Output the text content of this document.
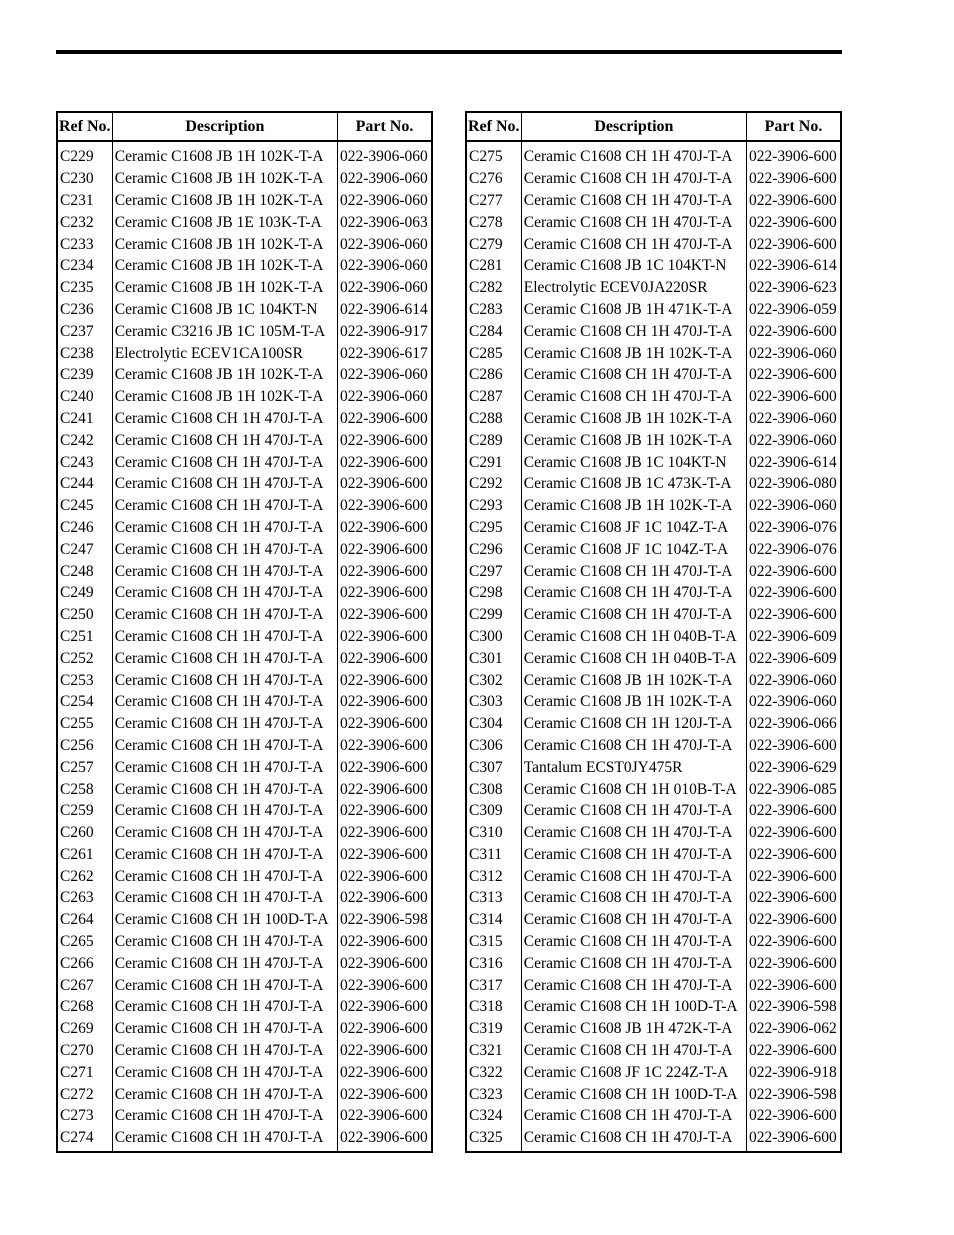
Ref No.	Description	Part No.
C229	Ceramic C1608 JB 1H 102K-T-A	022-3906-060
C230	Ceramic C1608 JB 1H 102K-T-A	022-3906-060
C231	Ceramic C1608 JB 1H 102K-T-A	022-3906-060
C232	Ceramic C1608 JB 1E 103K-T-A	022-3906-063
C233	Ceramic C1608 JB 1H 102K-T-A	022-3906-060
C234	Ceramic C1608 JB 1H 102K-T-A	022-3906-060
C235	Ceramic C1608 JB 1H 102K-T-A	022-3906-060
C236	Ceramic C1608 JB 1C 104KT-N	022-3906-614
C237	Ceramic C3216 JB 1C 105M-T-A	022-3906-917
C238	Electrolytic ECEV1CA100SR	022-3906-617
C239	Ceramic C1608 JB 1H 102K-T-A	022-3906-060
C240	Ceramic C1608 JB 1H 102K-T-A	022-3906-060
C241	Ceramic C1608 CH 1H 470J-T-A	022-3906-600
C242	Ceramic C1608 CH 1H 470J-T-A	022-3906-600
C243	Ceramic C1608 CH 1H 470J-T-A	022-3906-600
C244	Ceramic C1608 CH 1H 470J-T-A	022-3906-600
C245	Ceramic C1608 CH 1H 470J-T-A	022-3906-600
C246	Ceramic C1608 CH 1H 470J-T-A	022-3906-600
C247	Ceramic C1608 CH 1H 470J-T-A	022-3906-600
C248	Ceramic C1608 CH 1H 470J-T-A	022-3906-600
C249	Ceramic C1608 CH 1H 470J-T-A	022-3906-600
C250	Ceramic C1608 CH 1H 470J-T-A	022-3906-600
C251	Ceramic C1608 CH 1H 470J-T-A	022-3906-600
C252	Ceramic C1608 CH 1H 470J-T-A	022-3906-600
C253	Ceramic C1608 CH 1H 470J-T-A	022-3906-600
C254	Ceramic C1608 CH 1H 470J-T-A	022-3906-600
C255	Ceramic C1608 CH 1H 470J-T-A	022-3906-600
C256	Ceramic C1608 CH 1H 470J-T-A	022-3906-600
C257	Ceramic C1608 CH 1H 470J-T-A	022-3906-600
C258	Ceramic C1608 CH 1H 470J-T-A	022-3906-600
C259	Ceramic C1608 CH 1H 470J-T-A	022-3906-600
C260	Ceramic C1608 CH 1H 470J-T-A	022-3906-600
C261	Ceramic C1608 CH 1H 470J-T-A	022-3906-600
C262	Ceramic C1608 CH 1H 470J-T-A	022-3906-600
C263	Ceramic C1608 CH 1H 470J-T-A	022-3906-600
C264	Ceramic C1608 CH 1H 100D-T-A	022-3906-598
C265	Ceramic C1608 CH 1H 470J-T-A	022-3906-600
C266	Ceramic C1608 CH 1H 470J-T-A	022-3906-600
C267	Ceramic C1608 CH 1H 470J-T-A	022-3906-600
C268	Ceramic C1608 CH 1H 470J-T-A	022-3906-600
C269	Ceramic C1608 CH 1H 470J-T-A	022-3906-600
C270	Ceramic C1608 CH 1H 470J-T-A	022-3906-600
C271	Ceramic C1608 CH 1H 470J-T-A	022-3906-600
C272	Ceramic C1608 CH 1H 470J-T-A	022-3906-600
C273	Ceramic C1608 CH 1H 470J-T-A	022-3906-600
C274	Ceramic C1608 CH 1H 470J-T-A	022-3906-600
Ref No.	Description	Part No.
C275	Ceramic C1608 CH 1H 470J-T-A	022-3906-600
C276	Ceramic C1608 CH 1H 470J-T-A	022-3906-600
C277	Ceramic C1608 CH 1H 470J-T-A	022-3906-600
C278	Ceramic C1608 CH 1H 470J-T-A	022-3906-600
C279	Ceramic C1608 CH 1H 470J-T-A	022-3906-600
C281	Ceramic C1608 JB 1C 104KT-N	022-3906-614
C282	Electrolytic ECEV0JA220SR	022-3906-623
C283	Ceramic C1608 JB 1H 471K-T-A	022-3906-059
C284	Ceramic C1608 CH 1H 470J-T-A	022-3906-600
C285	Ceramic C1608 JB 1H 102K-T-A	022-3906-060
C286	Ceramic C1608 CH 1H 470J-T-A	022-3906-600
C287	Ceramic C1608 CH 1H 470J-T-A	022-3906-600
C288	Ceramic C1608 JB 1H 102K-T-A	022-3906-060
C289	Ceramic C1608 JB 1H 102K-T-A	022-3906-060
C291	Ceramic C1608 JB 1C 104KT-N	022-3906-614
C292	Ceramic C1608 JB 1C 473K-T-A	022-3906-080
C293	Ceramic C1608 JB 1H 102K-T-A	022-3906-060
C295	Ceramic C1608 JF 1C 104Z-T-A	022-3906-076
C296	Ceramic C1608 JF 1C 104Z-T-A	022-3906-076
C297	Ceramic C1608 CH 1H 470J-T-A	022-3906-600
C298	Ceramic C1608 CH 1H 470J-T-A	022-3906-600
C299	Ceramic C1608 CH 1H 470J-T-A	022-3906-600
C300	Ceramic C1608 CH 1H 040B-T-A	022-3906-609
C301	Ceramic C1608 CH 1H 040B-T-A	022-3906-609
C302	Ceramic C1608 JB 1H 102K-T-A	022-3906-060
C303	Ceramic C1608 JB 1H 102K-T-A	022-3906-060
C304	Ceramic C1608 CH 1H 120J-T-A	022-3906-066
C306	Ceramic C1608 CH 1H 470J-T-A	022-3906-600
C307	Tantalum ECST0JY475R	022-3906-629
C308	Ceramic C1608 CH 1H 010B-T-A	022-3906-085
C309	Ceramic C1608 CH 1H 470J-T-A	022-3906-600
C310	Ceramic C1608 CH 1H 470J-T-A	022-3906-600
C311	Ceramic C1608 CH 1H 470J-T-A	022-3906-600
C312	Ceramic C1608 CH 1H 470J-T-A	022-3906-600
C313	Ceramic C1608 CH 1H 470J-T-A	022-3906-600
C314	Ceramic C1608 CH 1H 470J-T-A	022-3906-600
C315	Ceramic C1608 CH 1H 470J-T-A	022-3906-600
C316	Ceramic C1608 CH 1H 470J-T-A	022-3906-600
C317	Ceramic C1608 CH 1H 470J-T-A	022-3906-600
C318	Ceramic C1608 CH 1H 100D-T-A	022-3906-598
C319	Ceramic C1608 JB 1H 472K-T-A	022-3906-062
C321	Ceramic C1608 CH 1H 470J-T-A	022-3906-600
C322	Ceramic C1608 JF 1C 224Z-T-A	022-3906-918
C323	Ceramic C1608 CH 1H 100D-T-A	022-3906-598
C324	Ceramic C1608 CH 1H 470J-T-A	022-3906-600
C325	Ceramic C1608 CH 1H 470J-T-A	022-3906-600
